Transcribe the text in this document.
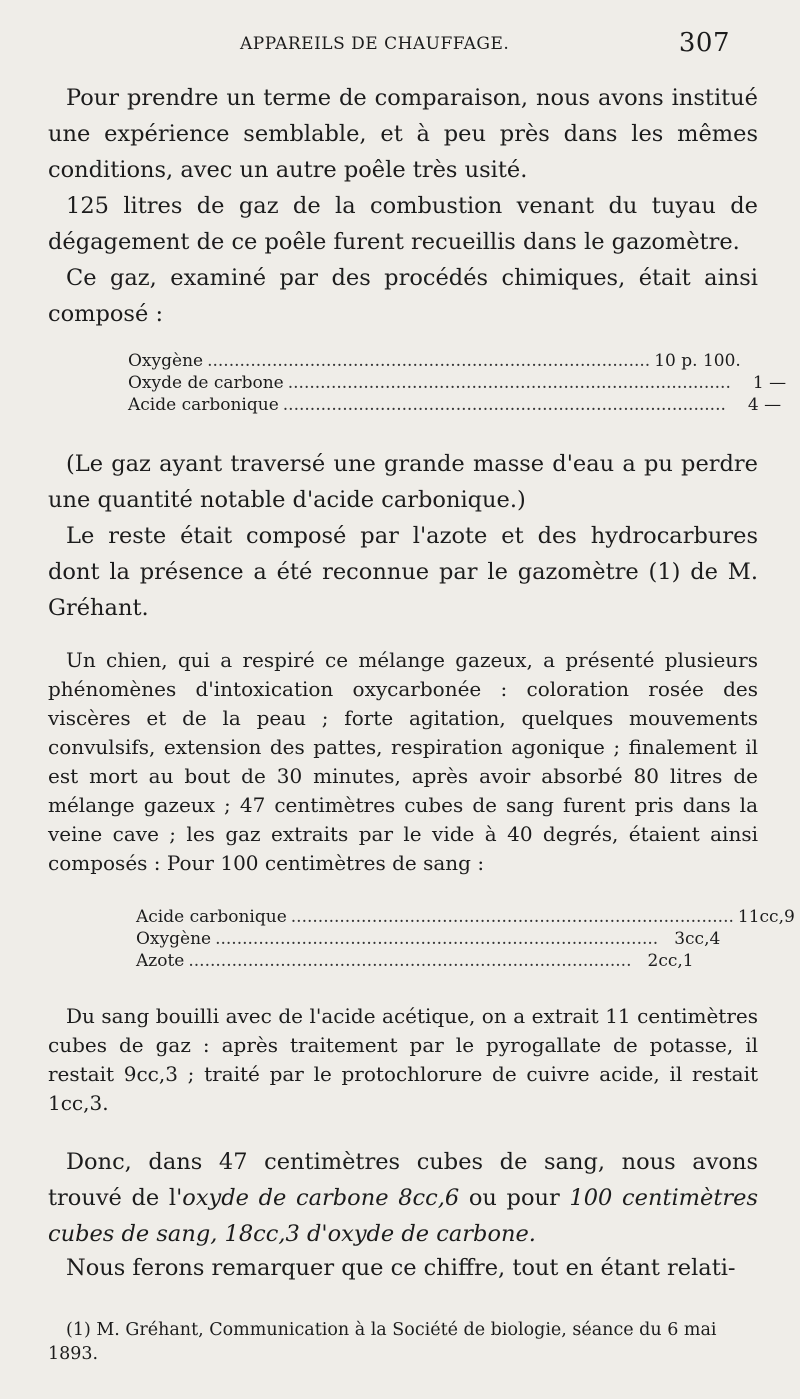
APPAREILS DE CHAUFFAGE.	307
Pour prendre un terme de comparaison, nous avons institué une expérience semblable, et à peu près dans les mêmes conditions, avec un autre poêle très usité.
125 litres de gaz de la combustion venant du tuyau de dégagement de ce poêle furent recueillis dans le gazomètre.
Ce gaz, examiné par des procédés chimiques, était ainsi composé :
Oxygène .................................................................................. 10 p. 100.
Oxyde de carbone ..................................................................................	1 —
Acide carbonique ..................................................................................	4 —
(Le gaz ayant traversé une grande masse d'eau a pu perdre une quantité notable d'acide carbonique.)
Le reste était composé par l'azote et des hydrocarbures dont la présence a été reconnue par le gazomètre (1) de M. Gréhant.
Un chien, qui a respiré ce mélange gazeux, a présenté plusieurs phénomènes d'intoxication oxycarbonée : coloration rosée des viscères et de la peau ; forte agitation, quelques mouvements convulsifs, extension des pattes, respiration agonique ; finalement il est mort au bout de 30 minutes, après avoir absorbé 80 litres de mélange gazeux ; 47 centimètres cubes de sang furent pris dans la veine cave ; les gaz extraits par le vide à 40 degrés, étaient ainsi composés : Pour 100 centimètres de sang :
Acide carbonique .................................................................................. 11cc,9
Oxygène .................................................................................. 3cc,4
Azote .................................................................................. 2cc,1
Du sang bouilli avec de l'acide acétique, on a extrait 11 centimètres cubes de gaz : après traitement par le pyrogallate de potasse, il restait 9cc,3 ; traité par le protochlorure de cuivre acide, il restait 1cc,3.
Donc, dans 47 centimètres cubes de sang, nous avons trouvé de l'oxyde de carbone 8cc,6 ou pour 100 centimètres cubes de sang, 18cc,3 d'oxyde de carbone.
Nous ferons remarquer que ce chiffre, tout en étant relati-
(1) M. Gréhant, Communication à la Société de biologie, séance du 6 mai 1893.
